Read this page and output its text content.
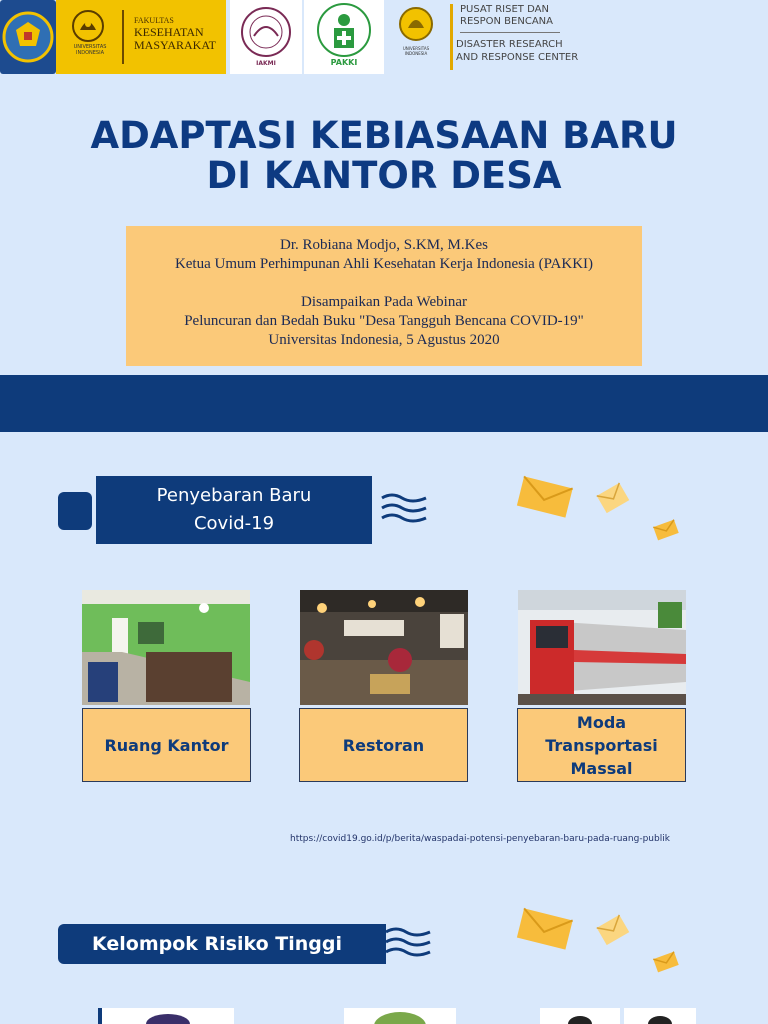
UNIVERSITAS INDONESIA
FAKULTAS
KESEHATAN
MASYARAKAT
IAKMI	PAKKI
UNIVERSITAS INDONESIA
PUSAT RISET DAN
RESPON BENCANA
DISASTER RESEARCH
AND RESPONSE CENTER
ADAPTASI KEBIASAAN BARU
DI KANTOR DESA
Dr. Robiana Modjo, S.KM, M.Kes
Ketua Umum Perhimpunan Ahli Kesehatan Kerja Indonesia (PAKKI)
Disampaikan Pada Webinar
Peluncuran dan Bedah Buku "Desa Tangguh Bencana COVID-19"
Universitas Indonesia, 5 Agustus 2020
Penyebaran Baru
Covid-19
Ruang Kantor	Restoran
Moda
Transportasi
Massal
https://covid19.go.id/p/berita/waspadai-potensi-penyebaran-baru-pada-ruang-publik
Kelompok Risiko Tinggi
